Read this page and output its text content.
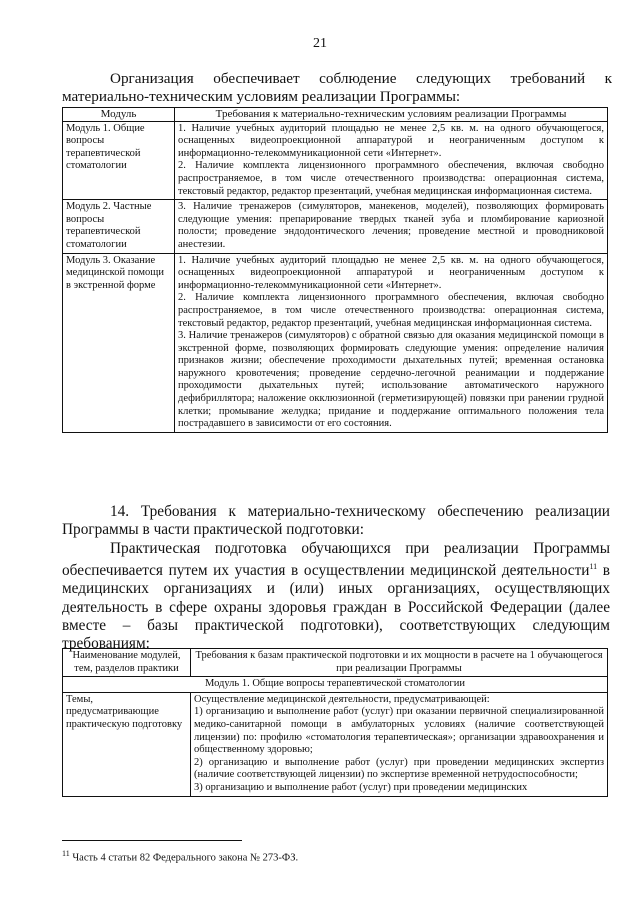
21
Организация обеспечивает соблюдение следующих требований к материально-техническим условиям реализации Программы:
Модуль	Требования к материально-техническим условиям реализации Программы
Модуль 1. Общие вопросы терапевтической стоматологии	1. Наличие учебных аудиторий площадью не менее 2,5 кв. м. на одного обучающегося, оснащенных видеопроекционной аппаратурой и неограниченным доступом к информационно-телекоммуникационной сети «Интернет».

2. Наличие комплекта лицензионного программного обеспечения, включая свободно распространяемое, в том числе отечественного производства: операционная система, текстовый редактор, редактор презентаций, учебная медицинская информационная система.

Модуль 2. Частные вопросы терапевтической стоматологии	3. Наличие тренажеров (симуляторов, манекенов, моделей), позволяющих формировать следующие умения: препарирование твердых тканей зуба и пломбирование кариозной полости; проведение эндодонтического лечения; проведение местной и проводниковой анестезии.

Модуль 3. Оказание медицинской помощи в экстренной форме	1. Наличие учебных аудиторий площадью не менее 2,5 кв. м. на одного обучающегося, оснащенных видеопроекционной аппаратурой и неограниченным доступом к информационно-телекоммуникационной сети «Интернет».

2. Наличие комплекта лицензионного программного обеспечения, включая свободно распространяемое, в том числе отечественного производства: операционная система, текстовый редактор, редактор презентаций, учебная медицинская информационная система.

3. Наличие тренажеров (симуляторов) с обратной связью для оказания медицинской помощи в экстренной форме, позволяющих формировать следующие умения: определение наличия признаков жизни; обеспечение проходимости дыхательных путей; временная остановка наружного кровотечения; проведение сердечно-легочной реанимации и поддержание проходимости дыхательных путей; использование автоматического наружного дефибриллятора; наложение окклюзионной (герметизирующей) повязки при ранении грудной клетки; промывание желудка; придание и поддержание оптимального положения тела пострадавшего в зависимости от его состояния.

14. Требования к материально-техническому обеспечению реализации Программы в части практической подготовки:

Практическая подготовка обучающихся при реализации Программы обеспечивается путем их участия в осуществлении медицинской деятельности$^{11}$ в медицинских организациях и (или) иных организациях, осуществляющих деятельность в сфере охраны здоровья граждан в Российской Федерации (далее вместе – базы практической подготовки), соответствующих следующим требованиям:

Наименование модулей, тем, разделов практики	Требования к базам практической подготовки и их мощности в расчете на 1 обучающегося при реализации Программы
Модуль 1. Общие вопросы терапевтической стоматологии	
Темы, предусматривающие практическую подготовку	Осуществление медицинской деятельности, предусматривающей:

1) организацию и выполнение работ (услуг) при оказании первичной специализированной медико-санитарной помощи в амбулаторных условиях (наличие соответствующей лицензии) по: профилю «стоматология терапевтическая»; организации здравоохранения и общественному здоровью;

2) организацию и выполнение работ (услуг) при проведении медицинских экспертиз (наличие соответствующей лицензии) по экспертизе временной нетрудоспособности;

3) организацию и выполнение работ (услуг) при проведении медицинских

$^{11}$ Часть 4 статьи 82 Федерального закона № 273-ФЗ.
